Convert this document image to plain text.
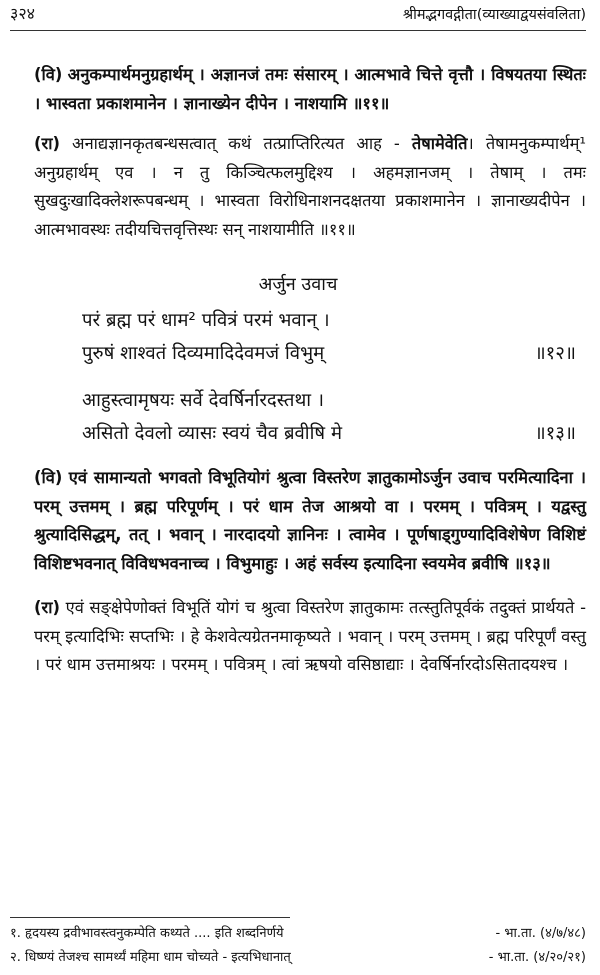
३२४	श्रीमद्भगवद्गीता(व्याख्याद्वयसंवलिता)

(वि) अनुकम्पार्थमनुग्रहार्थम् । अज्ञानजं तमः संसारम् । आत्मभावे चित्ते वृत्तौ । विषयतया स्थितः । भास्वता प्रकाशमानेन । ज्ञानाख्येन दीपेन । नाशयामि ॥११॥

(रा) अनाद्यज्ञानकृतबन्धसत्वात् कथं तत्प्राप्तिरित्यत आह - तेषामेवेति। तेषामनुकम्पार्थम्¹ अनुग्रहार्थम् एव । न तु किञ्चित्फलमुद्दिश्य । अहमज्ञानजम् । तेषाम् । तमः सुखदुःखादिक्लेशरूपबन्धम् । भास्वता विरोधिनाशनदक्षतया प्रकाशमानेन । ज्ञानाख्यदीपेन । आत्मभावस्थः तदीयचित्तवृत्तिस्थः सन् नाशयामीति ॥११॥

अर्जुन उवाच
परं ब्रह्म परं धाम² पवित्रं परमं भवान् ।
पुरुषं शाश्वतं दिव्यमादिदेवमजं विभुम्	॥१२॥
आहुस्त्वामृषयः सर्वे देवर्षिर्नारदस्तथा ।
असितो देवलो व्यासः स्वयं चैव ब्रवीषि मे	॥१३॥

(वि) एवं सामान्यतो भगवतो विभूतियोगं श्रुत्वा विस्तरेण ज्ञातुकामोऽर्जुन उवाच परमित्यादिना । परम् उत्तमम् । ब्रह्म परिपूर्णम् । परं धाम तेज आश्रयो वा । परमम् । पवित्रम् । यद्वस्तु श्रुत्यादिसिद्धम्, तत् । भवान् । नारदादयो ज्ञानिनः । त्वामेव । पूर्णषाड्गुण्यादिविशेषेण विशिष्टं विशिष्टभवनात् विविधभवनाच्च । विभुमाहुः । अहं सर्वस्य इत्यादिना स्वयमेव ब्रवीषि ॥१३॥

(रा) एवं सङ्क्षेपेणोक्तं विभूतिं योगं च श्रुत्वा विस्तरेण ज्ञातुकामः तत्स्तुतिपूर्वकं तदुक्तं प्रार्थयते - परम् इत्यादिभिः सप्तभिः । हे केशवेत्यग्रेतनमाकृष्यते । भवान् । परम् उत्तमम् । ब्रह्म परिपूर्णं वस्तु । परं धाम उत्तमाश्रयः । परमम् । पवित्रम् । त्वां ऋषयो वसिष्ठाद्याः । देवर्षिर्नारदोऽसितादयश्च ।

१. हृदयस्य द्रवीभावस्त्वनुकम्पेति कथ्यते .... इति शब्दनिर्णये	- भा.ता. (४/७/४८)
२. धिष्ण्यं तेजश्च सामर्थ्यं महिमा धाम चोच्यते - इत्यभिधानात्	- भा.ता. (४/२०/२१)
